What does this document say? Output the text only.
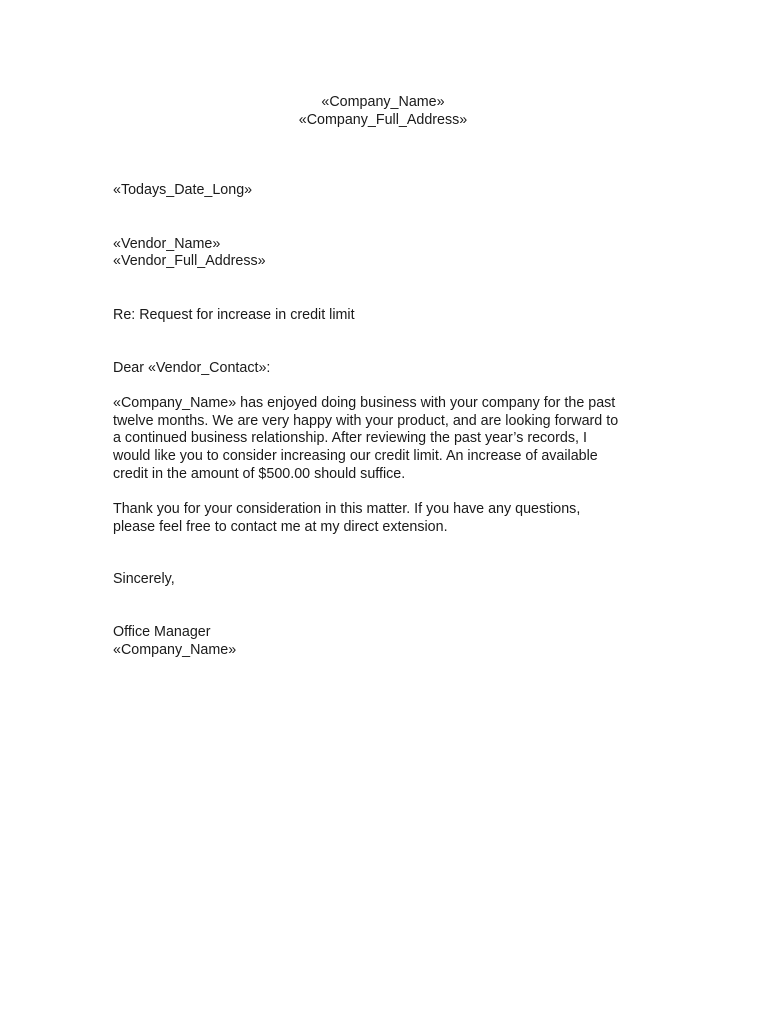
«Company_Name»
«Company_Full_Address»
«Todays_Date_Long»
«Vendor_Name»
«Vendor_Full_Address»
Re: Request for increase in credit limit
Dear «Vendor_Contact»:
«Company_Name» has enjoyed doing business with your company for the past
twelve months. We are very happy with your product, and are looking forward to
a continued business relationship. After reviewing the past year’s records, I
would like you to consider increasing our credit limit. An increase of available
credit in the amount of $500.00 should suffice.
Thank you for your consideration in this matter. If you have any questions,
please feel free to contact me at my direct extension.
Sincerely,
Office Manager
«Company_Name»
